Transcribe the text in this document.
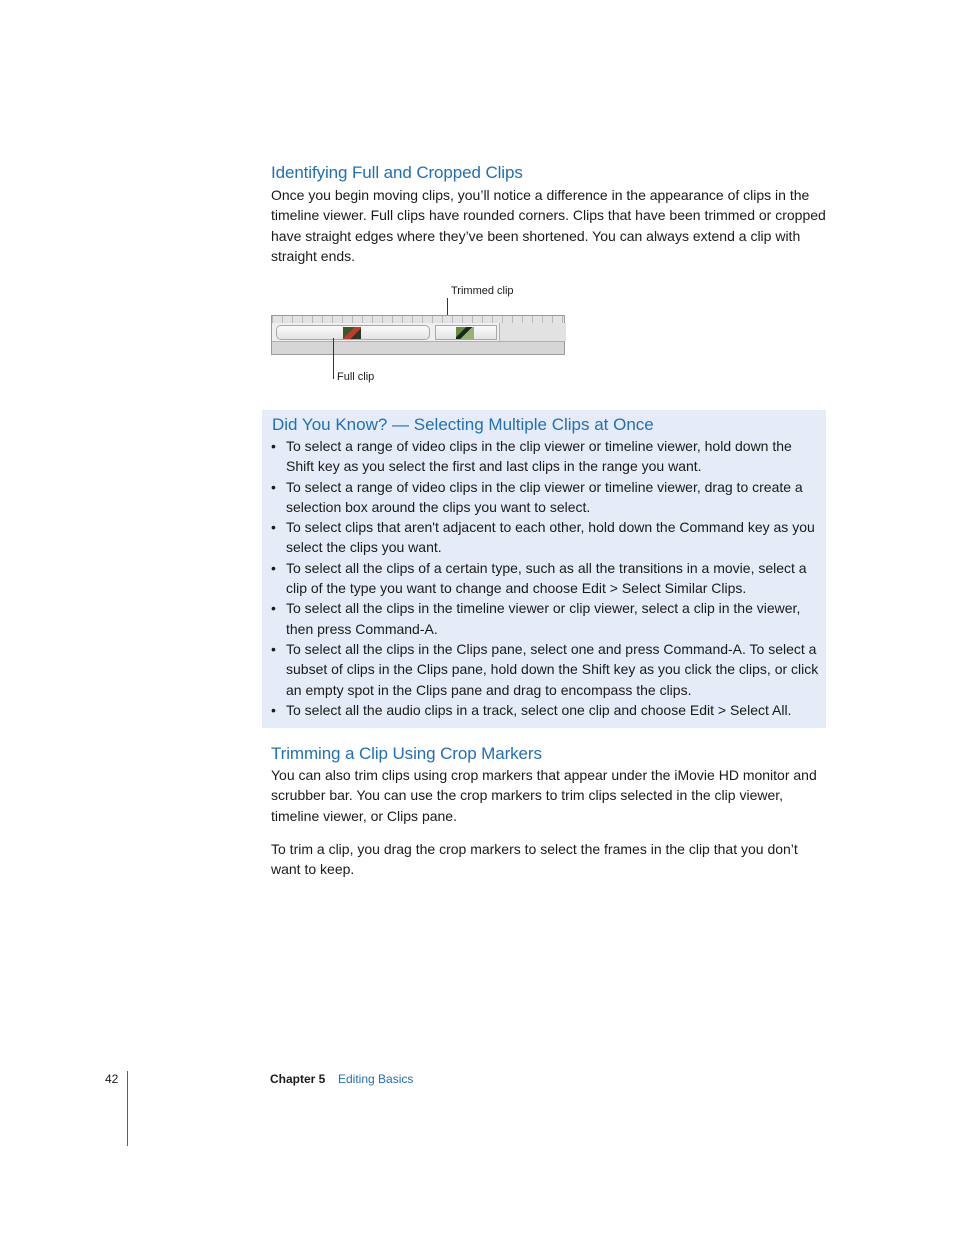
Identifying Full and Cropped Clips

Once you begin moving clips, you’ll notice a difference in the appearance of clips in the timeline viewer. Full clips have rounded corners. Clips that have been trimmed or cropped have straight edges where they’ve been shortened. You can always extend a clip with straight ends.

Trimmed clip
Full clip
Did You Know? — Selecting Multiple Clips at Once
• To select a range of video clips in the clip viewer or timeline viewer, hold down the Shift key as you select the first and last clips in the range you want.
• To select a range of video clips in the clip viewer or timeline viewer, drag to create a selection box around the clips you want to select.
• To select clips that aren't adjacent to each other, hold down the Command key as you select the clips you want.
• To select all the clips of a certain type, such as all the transitions in a movie, select a clip of the type you want to change and choose Edit > Select Similar Clips.
• To select all the clips in the timeline viewer or clip viewer, select a clip in the viewer, then press Command-A.
• To select all the clips in the Clips pane, select one and press Command-A. To select a subset of clips in the Clips pane, hold down the Shift key as you click the clips, or click an empty spot in the Clips pane and drag to encompass the clips.
• To select all the audio clips in a track, select one clip and choose Edit > Select All.
Trimming a Clip Using Crop Markers

You can also trim clips using crop markers that appear under the iMovie HD monitor and scrubber bar. You can use the crop markers to trim clips selected in the clip viewer, timeline viewer, or Clips pane.

To trim a clip, you drag the crop markers to select the frames in the clip that you don’t want to keep.

42	Chapter 5 Editing Basics
